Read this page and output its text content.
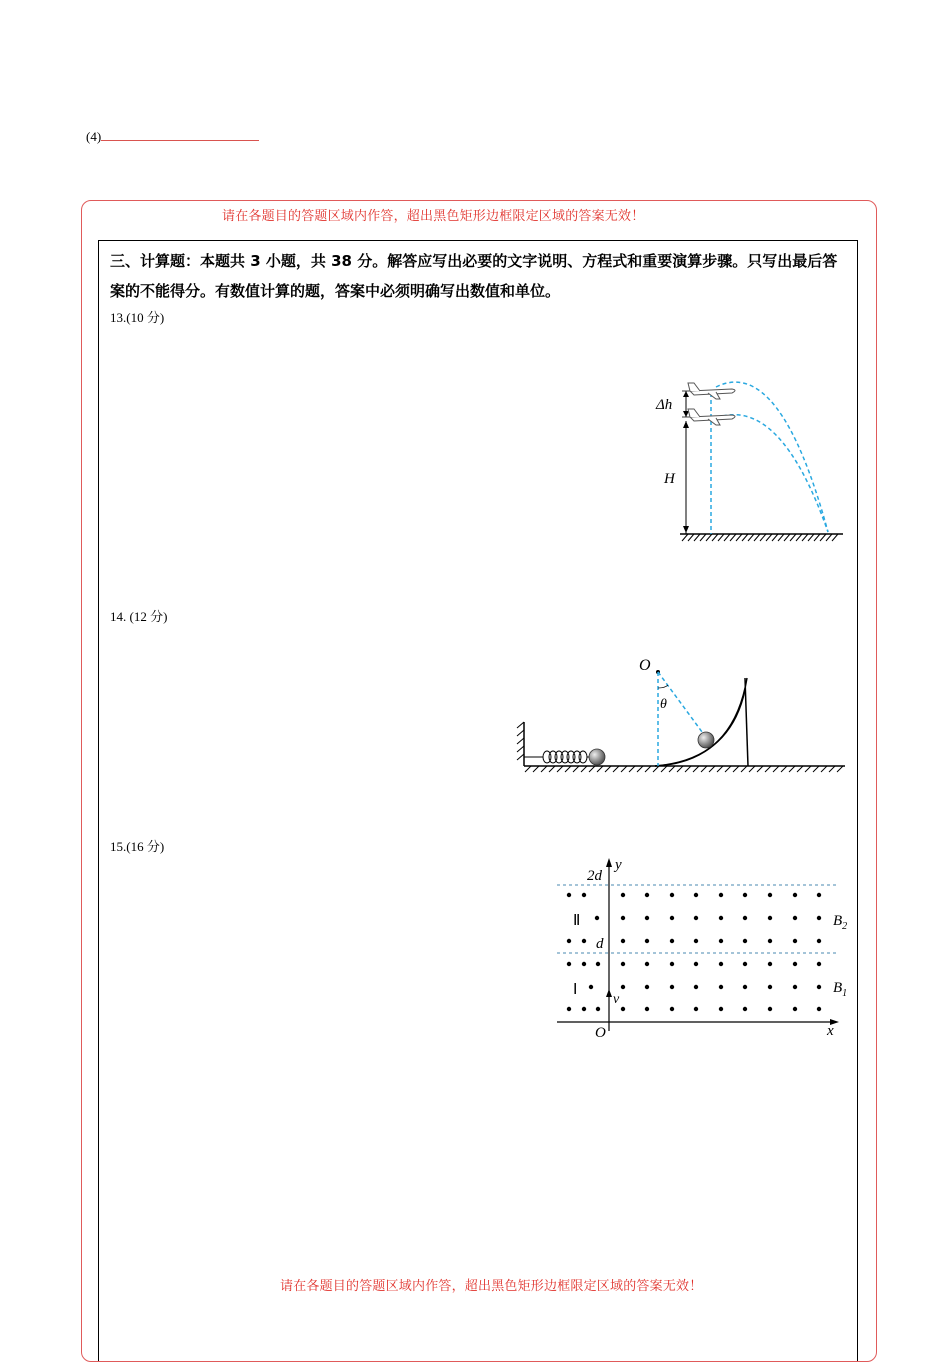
(4)
请在各题目的答题区域内作答，超出黑色矩形边框限定区域的答案无效！
三、计算题：本题共 3 小题，共 38 分。解答应写出必要的文字说明、方程式和重要演算步骤。只写出最后答案的不能得分。有数值计算的题，答案中必须明确写出数值和单位。
13.(10 分)
14. (12 分)
15.(16 分)
Δh
H
O
θ
2d
y
Ⅱ
d
Ⅰ
v
O	x
$B_2$
$B_1$
请在各题目的答题区域内作答，超出黑色矩形边框限定区域的答案无效！
